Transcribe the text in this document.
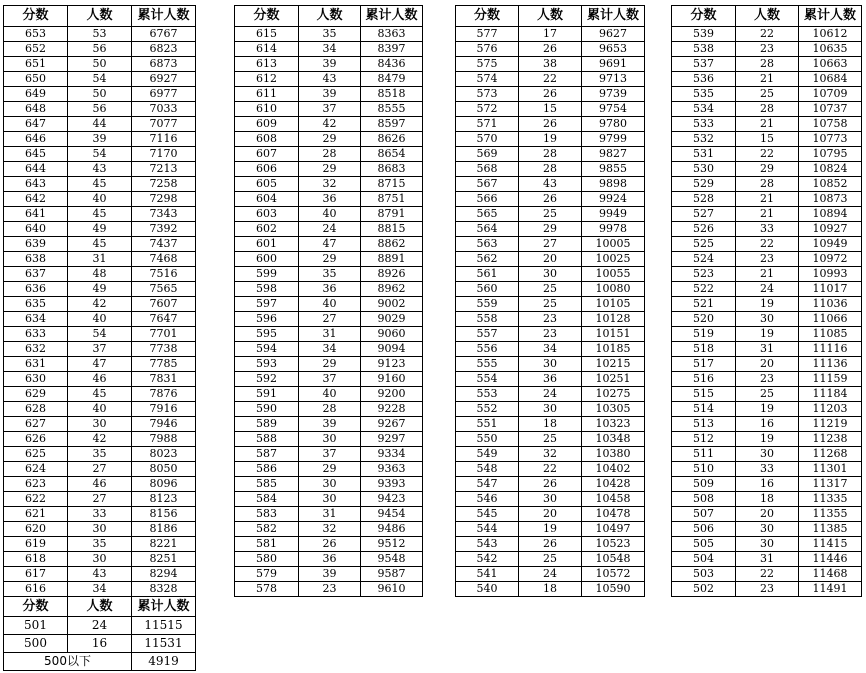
分数	人数	累计人数
653	53	6767
652	56	6823
651	50	6873
650	54	6927
649	50	6977
648	56	7033
647	44	7077
646	39	7116
645	54	7170
644	43	7213
643	45	7258
642	40	7298
641	45	7343
640	49	7392
639	45	7437
638	31	7468
637	48	7516
636	49	7565
635	42	7607
634	40	7647
633	54	7701
632	37	7738
631	47	7785
630	46	7831
629	45	7876
628	40	7916
627	30	7946
626	42	7988
625	35	8023
624	27	8050
623	46	8096
622	27	8123
621	33	8156
620	30	8186
619	35	8221
618	30	8251
617	43	8294
616	34	8328
分数	人数	累计人数
501	24	11515
500	16	11531
500以下		4919
分数	人数	累计人数
615	35	8363
614	34	8397
613	39	8436
612	43	8479
611	39	8518
610	37	8555
609	42	8597
608	29	8626
607	28	8654
606	29	8683
605	32	8715
604	36	8751
603	40	8791
602	24	8815
601	47	8862
600	29	8891
599	35	8926
598	36	8962
597	40	9002
596	27	9029
595	31	9060
594	34	9094
593	29	9123
592	37	9160
591	40	9200
590	28	9228
589	39	9267
588	30	9297
587	37	9334
586	29	9363
585	30	9393
584	30	9423
583	31	9454
582	32	9486
581	26	9512
580	36	9548
579	39	9587
578	23	9610
分数	人数	累计人数
577	17	9627
576	26	9653
575	38	9691
574	22	9713
573	26	9739
572	15	9754
571	26	9780
570	19	9799
569	28	9827
568	28	9855
567	43	9898
566	26	9924
565	25	9949
564	29	9978
563	27	10005
562	20	10025
561	30	10055
560	25	10080
559	25	10105
558	23	10128
557	23	10151
556	34	10185
555	30	10215
554	36	10251
553	24	10275
552	30	10305
551	18	10323
550	25	10348
549	32	10380
548	22	10402
547	26	10428
546	30	10458
545	20	10478
544	19	10497
543	26	10523
542	25	10548
541	24	10572
540	18	10590
分数	人数	累计人数
539	22	10612
538	23	10635
537	28	10663
536	21	10684
535	25	10709
534	28	10737
533	21	10758
532	15	10773
531	22	10795
530	29	10824
529	28	10852
528	21	10873
527	21	10894
526	33	10927
525	22	10949
524	23	10972
523	21	10993
522	24	11017
521	19	11036
520	30	11066
519	19	11085
518	31	11116
517	20	11136
516	23	11159
515	25	11184
514	19	11203
513	16	11219
512	19	11238
511	30	11268
510	33	11301
509	16	11317
508	18	11335
507	20	11355
506	30	11385
505	30	11415
504	31	11446
503	22	11468
502	23	11491
